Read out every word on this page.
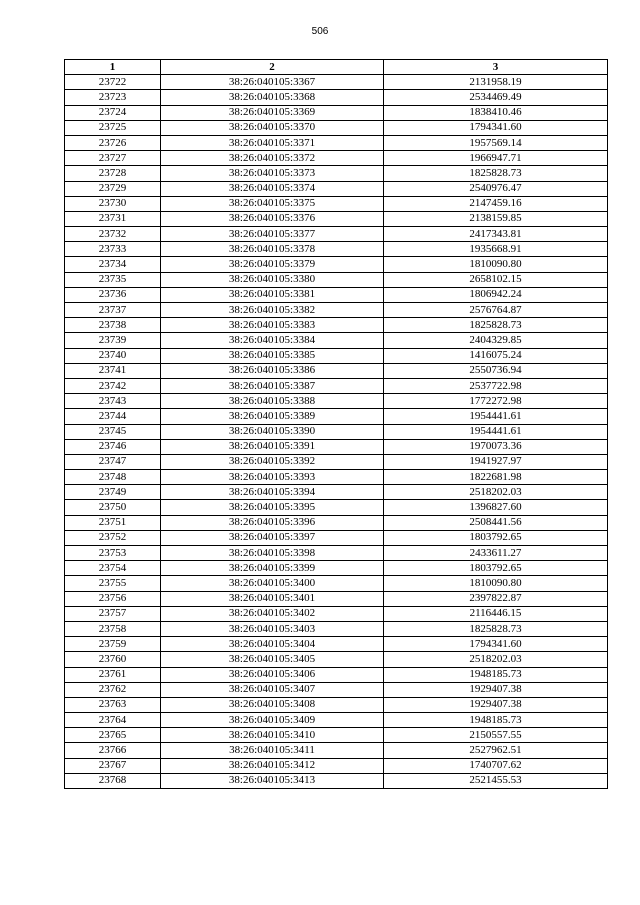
506
1	2	3
23722	38:26:040105:3367	2131958.19
23723	38:26:040105:3368	2534469.49
23724	38:26:040105:3369	1838410.46
23725	38:26:040105:3370	1794341.60
23726	38:26:040105:3371	1957569.14
23727	38:26:040105:3372	1966947.71
23728	38:26:040105:3373	1825828.73
23729	38:26:040105:3374	2540976.47
23730	38:26:040105:3375	2147459.16
23731	38:26:040105:3376	2138159.85
23732	38:26:040105:3377	2417343.81
23733	38:26:040105:3378	1935668.91
23734	38:26:040105:3379	1810090.80
23735	38:26:040105:3380	2658102.15
23736	38:26:040105:3381	1806942.24
23737	38:26:040105:3382	2576764.87
23738	38:26:040105:3383	1825828.73
23739	38:26:040105:3384	2404329.85
23740	38:26:040105:3385	1416075.24
23741	38:26:040105:3386	2550736.94
23742	38:26:040105:3387	2537722.98
23743	38:26:040105:3388	1772272.98
23744	38:26:040105:3389	1954441.61
23745	38:26:040105:3390	1954441.61
23746	38:26:040105:3391	1970073.36
23747	38:26:040105:3392	1941927.97
23748	38:26:040105:3393	1822681.98
23749	38:26:040105:3394	2518202.03
23750	38:26:040105:3395	1396827.60
23751	38:26:040105:3396	2508441.56
23752	38:26:040105:3397	1803792.65
23753	38:26:040105:3398	2433611.27
23754	38:26:040105:3399	1803792.65
23755	38:26:040105:3400	1810090.80
23756	38:26:040105:3401	2397822.87
23757	38:26:040105:3402	2116446.15
23758	38:26:040105:3403	1825828.73
23759	38:26:040105:3404	1794341.60
23760	38:26:040105:3405	2518202.03
23761	38:26:040105:3406	1948185.73
23762	38:26:040105:3407	1929407.38
23763	38:26:040105:3408	1929407.38
23764	38:26:040105:3409	1948185.73
23765	38:26:040105:3410	2150557.55
23766	38:26:040105:3411	2527962.51
23767	38:26:040105:3412	1740707.62
23768	38:26:040105:3413	2521455.53
